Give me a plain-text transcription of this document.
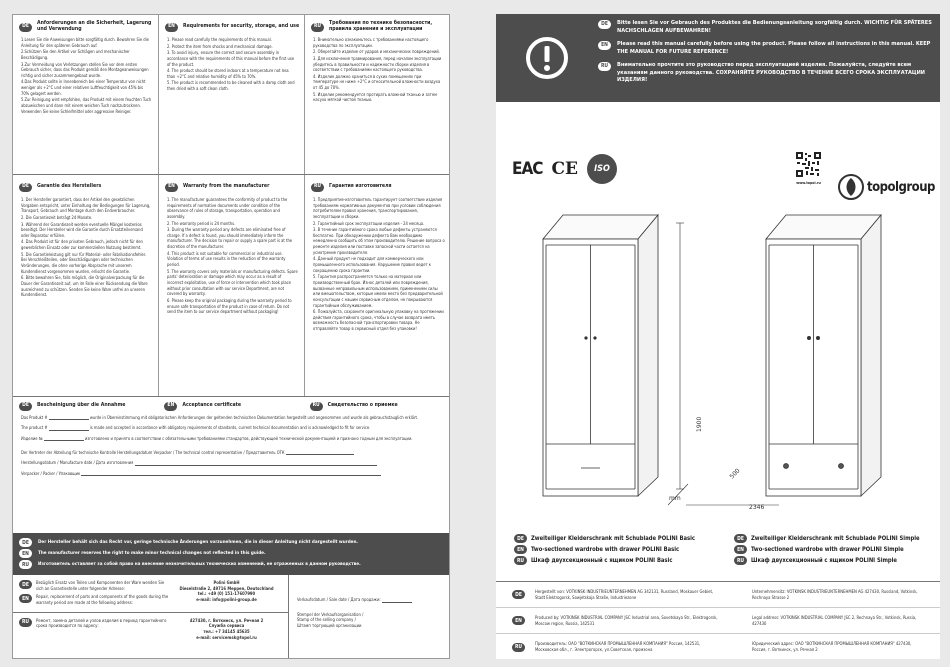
DE	Anforderungen an die Sicherheit, Lagerung und Verwendung

1.Lesen Sie die Anweisungen bitte sorgfältig durch. Bewahren Sie die Anleitung für den späteren Gebrauch auf.

2.Schützen Sie den Artikel vor Schlägen und mechanischer Beschädigung.

3.Zur Vermeidung von Verletzungen stellen Sie vor dem ersten Gebrauch sicher, dass das Produkt gemäß den Montageanweisungen richtig und sicher zusammengebaut wurde.

4.Das Produkt sollte in Innenbereich bei einer Temperatur von nicht weniger als +2°C und einer relativen Luftfeuchtigkeit von 45% bis 70% gelagert werden.

5.Zur Reinigung wird empfohlen, das Produkt mit einem feuchten Tuch abzuwischen und dann mit einem weichen Tuch nachzutrocknen. Verwenden Sie keine Schleifmittel oder aggressive Reiniger.

EN	Requirements for security, storage, and use

1. Please read carefully the requirements of this manual.

2. Protect the item from shocks and mechanical damage.

3. To avoid injury, ensure the correct and secure assembly in accordance with the requirements of this manual before the first use of the product.

4. The product should be stored indoors at a temperature not less than +2°C and relative humidity of 45% to 70%.

5. The product is recommended to be cleaned with a damp cloth and then dried with a soft clean cloth.

RU	Требования по технике безопасности, правила хранения и эксплуатации

1. Внимательно ознакомьтесь с требованиями настоящего руководства по эксплуатации.

2. Оберегайте изделие от ударов и механических повреждений.

3. Для исключения травмирования, перед началом эксплуатации убедитесь в правильности и надежности сборки изделия в соответствии с требованиями настоящего руководства.

4. Изделие должно храниться в сухих помещениях при температуре не ниже +2°С и относительной влажности воздуха от 45 до 70%.

5. Изделие рекомендуется протирать влажной тканью и затем насухо мягкой чистой тканью.

DE	Garantie des Herstellers

1. Der Hersteller garantiert, dass der Artikel den gesetzlichen Vorgaben entspricht, unter Einhaltung der Bedingungen für Lagerung, Transport, Gebrauch und Montage durch den Endverbraucher.

2. Die Garantiezeit beträgt 24 Monate.

3. Während der Garantiezeit werden eventuelle Mängel kostenlos beseitigt. Der Hersteller wird die Garantie durch Ersatzteilversand oder Reparatur erfüllen.

4. Das Produkt ist für den privaten Gebrauch, jedoch nicht für den gewerblichen Einsatz oder zur kommerziellen Nutzung bestimmt.

5. Die Garantieleistung gilt nur für Material- oder Fabrikationsfehler. Bei Verschleißteilen, oder Beschädigungen oder technischen Veränderungen, die ohne vorherige Absprache mit unserem Kundendienst vorgenommen wurden, erlischt die Garantie.

6. Bitte bewahren Sie, falls möglich, die Originalverpackung für die Dauer der Garantiezeit auf, um im Falle einer Rücksendung die Ware ausreichend zu schützen. Senden Sie keine Ware unfrei an unseren Kundendienst.

EN	Warranty from the manufacturer

1. The manufacturer guarantees the conformity of product to the requirements of normative documents under condition of the observance of rules of storage, transportation, operation and assembly.

2. The warranty period is 24 months.

3. During the warranty period any defects are eliminated free of charge. If a defect is found, you should immediately inform the manufacturer. The decision to repair or supply a spare part is at the discretion of the manufacturer.

4. This product is not suitable for commercial or industrial use. Violation of terms of use results in the reduction of the warranty period.

5. The warranty covers only materials or manufacturing defects. Spare parts' deterioration or damage which may occur as a result of incorrect exploitation, use of force or intervention which took place without prior consultation with our service Department, are not covered by warranty.

6. Please keep the original packaging during the warranty period to ensure safe transportation of the product in case of return. Do not send the item to our service department without packaging!

RU	Гарантия изготовителя

1. Предприятие-изготовитель гарантирует соответствие изделия требованиям нормативных документов при условии соблюдения потребителем правил хранения, транспортирования, эксплуатации и сборки.

2. Гарантийный срок эксплуатации изделия - 24 месяца.

3. В течение гарантийного срока любые дефекты устраняются бесплатно. При обнаружении дефекта Вам необходимо немедленно сообщить об этом производителю. Решение вопроса о ремонте изделия или поставке запасной части остается на усмотрение производителя.

4. Данный продукт не подходит для коммерческого или промышленного использования. Нарушение правил ведет к сокращению срока гарантии.

5. Гарантия распространяется только на материал или производственный брак. Износ деталей или повреждения, вызванные неправильным использованием, применением силы или вмешательством, которые имели место без предварительной консультации с нашим сервисным отделом, не покрываются гарантийным обслуживанием.

6. Пожалуйста, сохраните оригинальную упаковку на протяжении действия гарантийного срока, чтобы в случае возврата иметь возможность безопасной транспортировки товара. Не отправляйте товар в сервисный отдел без упаковки!

DE	Bescheinigung über die Annahme	EN	Acceptance certificate	RU	Свидетельство о приемке
Das Produkt #	wurde in Übereinstimmung mit obligatorischen Anforderungen der geltenden technischen Dokumentation hergestellt und angenommen und wurde als gebrauchstauglich erklärt.
The product #	is made and accepted in accordance with obligatory requirements of standards, current technical documentation and is acknowledged to fit for service.
Изделие №	изготовлено и принято в соответствии с обязательными требованиями стандартов, действующей технической документацией и признано годным для эксплуатации.
Der Vertreter der Abteilung für technische Kontrolle Herstellungsdatum Verpacker / The technical control representative / Представитель ОТК
Herstellungsdatum / Manufacture date / Дата изготовления
Verpacker / Packer / Упаковщик
DE	Der Hersteller behält sich das Recht vor, geringe technische Änderungen vorzunehmen, die in dieser Anleitung nicht dargestellt wurden.
EN	The manufacturer reserves the right to make minor technical changes not reflected in this guide.
RU	Изготовитель оставляет за собой право на внесение незначительных технических изменений, не отраженных в данном руководстве.
DE	Bezüglich Ersatz von Teilen und Komponenten der Ware wenden Sie sich an Garantiestelle unter folgender Adresse:
EN	Repair, replacement of parts and components of the goods during the warranty period are made at the following address:
Polini GmbH
Dieselstraße 2, 49716 Meppen, Deutschland
tel.: +49 (0) 151-17607990
e-mail: info@polini-group.de
RU	Ремонт, замена деталей и узлов изделия в период гарантийного срока производится по адресу:
427430, г. Воткинск, ул. Речная 2
Служба сервиса
тел.: +7 34145 45635
e-mail: servicemsk@topol.ru
Verkaufsdatum / Sale date / Дата продажи:
Stempel der Verkaufsorganisation /
Stamp of the selling company /
Штамп торгующей организации
DE	Bitte lesen Sie vor Gebrauch des Produktes die Bedienungsanleitung sorgfältig durch. WICHTIG FÜR SPÄTERES NACHSCHLAGEN AUFBEWAHREN!
EN	Please read this manual carefully before using the product. Please follow all instructions in this manual. KEEP THE MANUAL FOR FUTURE REFERENCE!
RU	Внимательно прочтите это руководство перед эксплуатацией изделия. Пожалуйста, следуйте всем указаниям данного руководства. СОХРАНЯЙТЕ РУКОВОДСТВО В ТЕЧЕНИЕ ВСЕГО СРОКА ЭКСПЛУАТАЦИИ ИЗДЕЛИЯ!
EAC CE	ISO
www.topol.ru	topolgroup
1900
500
2346
mm
DE	Zweiteiliger Kleiderschrank mit Schublade POLINI Basic
EN	Two-sectioned wardrobe with drawer POLINI Basic
RU	Шкаф двухсекционный с ящиком POLINI Basic
DE	Zweiteiliger Kleiderschrank mit Schublade POLINI Simple
EN	Two-sectioned wardrobe with drawer POLINI Simple
RU	Шкаф двухсекционный с ящиком POLINI Simple
DE
Hergestellt von: VOTKINSK INDUSTRIEUNTERNEHMEN AG 342131, Russland, Moskauer Gebiet, Stadt Elektrogorsk, Sowjetskaja Straße, Industriezone
Unternehmensitz: VOTKINSK INDUSTRIEUNTERNEHMEN AG 427430, Russland, Votkinsk, Rechnaya Strasse 2
EN
Produced by: VOTKINSK INDUSTRIAL COMPANY JSC Industrial area, Sovetskaya Str., Elektrogorsk, Moscow region, Russia, 142531
Legal address: VOTKINSK INDUSTRIAL COMPANY JSC 2, Rechnaya Str., Votkinsk, Russia, 427430
RU
Производитель: ОАО "ВОТКИНСКАЯ ПРОМЫШЛЕННАЯ КОМПАНИЯ" Россия, 142531, Московская обл., г. Электрогорск, ул.Советская, промзона
Юридический адрес: ОАО "ВОТКИНСКАЯ ПРОМЫШЛЕННАЯ КОМПАНИЯ" 427430, Россия, г. Воткинск, ул. Речная 2
